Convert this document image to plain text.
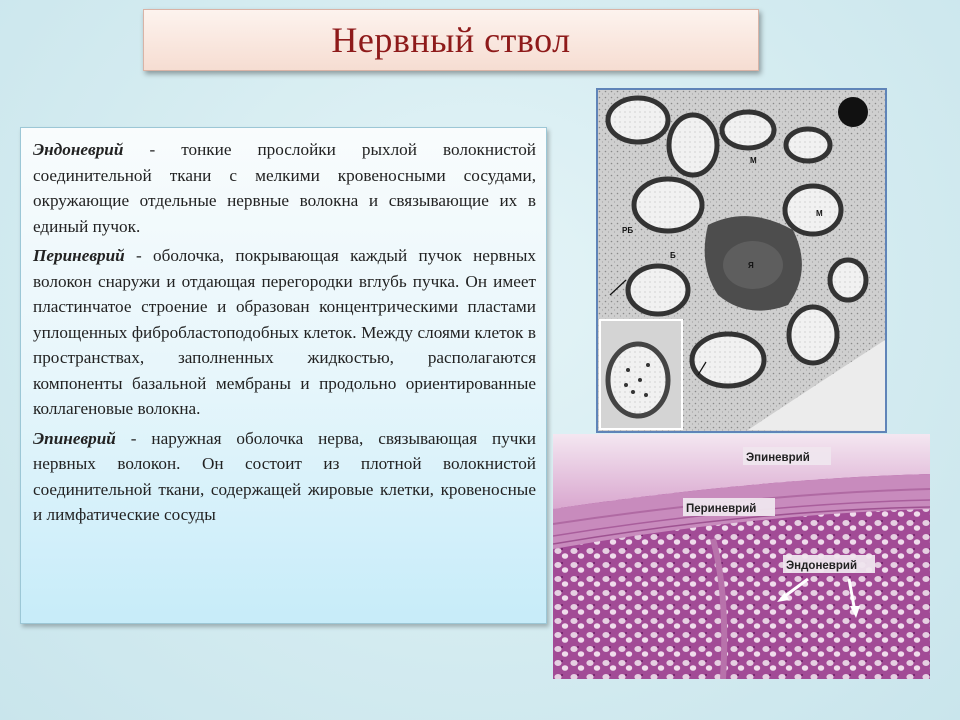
Нервный ствол

Эндоневрий - тонкие прослойки рыхлой волокнистой соединительной ткани с мелкими кровеносными сосудами, окружающие отдельные нервные волокна и связывающие их в единый пучок.

Периневрий - оболочка, покрывающая каждый пучок нервных волокон снаружи и отдающая перегородки вглубь пучка. Он имеет пластинчатое строение и образован концентрическими пластами уплощенных фибробластоподобных клеток. Между слоями клеток в пространствах, заполненных жидкостью, располагаются компоненты базальной мембраны и продольно ориентированные коллагеновые волокна.

Эпиневрий - наружная оболочка нерва, связывающая пучки нервных волокон. Он состоит из плотной волокнистой соединительной ткани, содержащей жировые клетки, кровеносные и лимфатические сосуды

М
М
РБ
Я
Б
Эпиневрий
Периневрий
Эндоневрий
